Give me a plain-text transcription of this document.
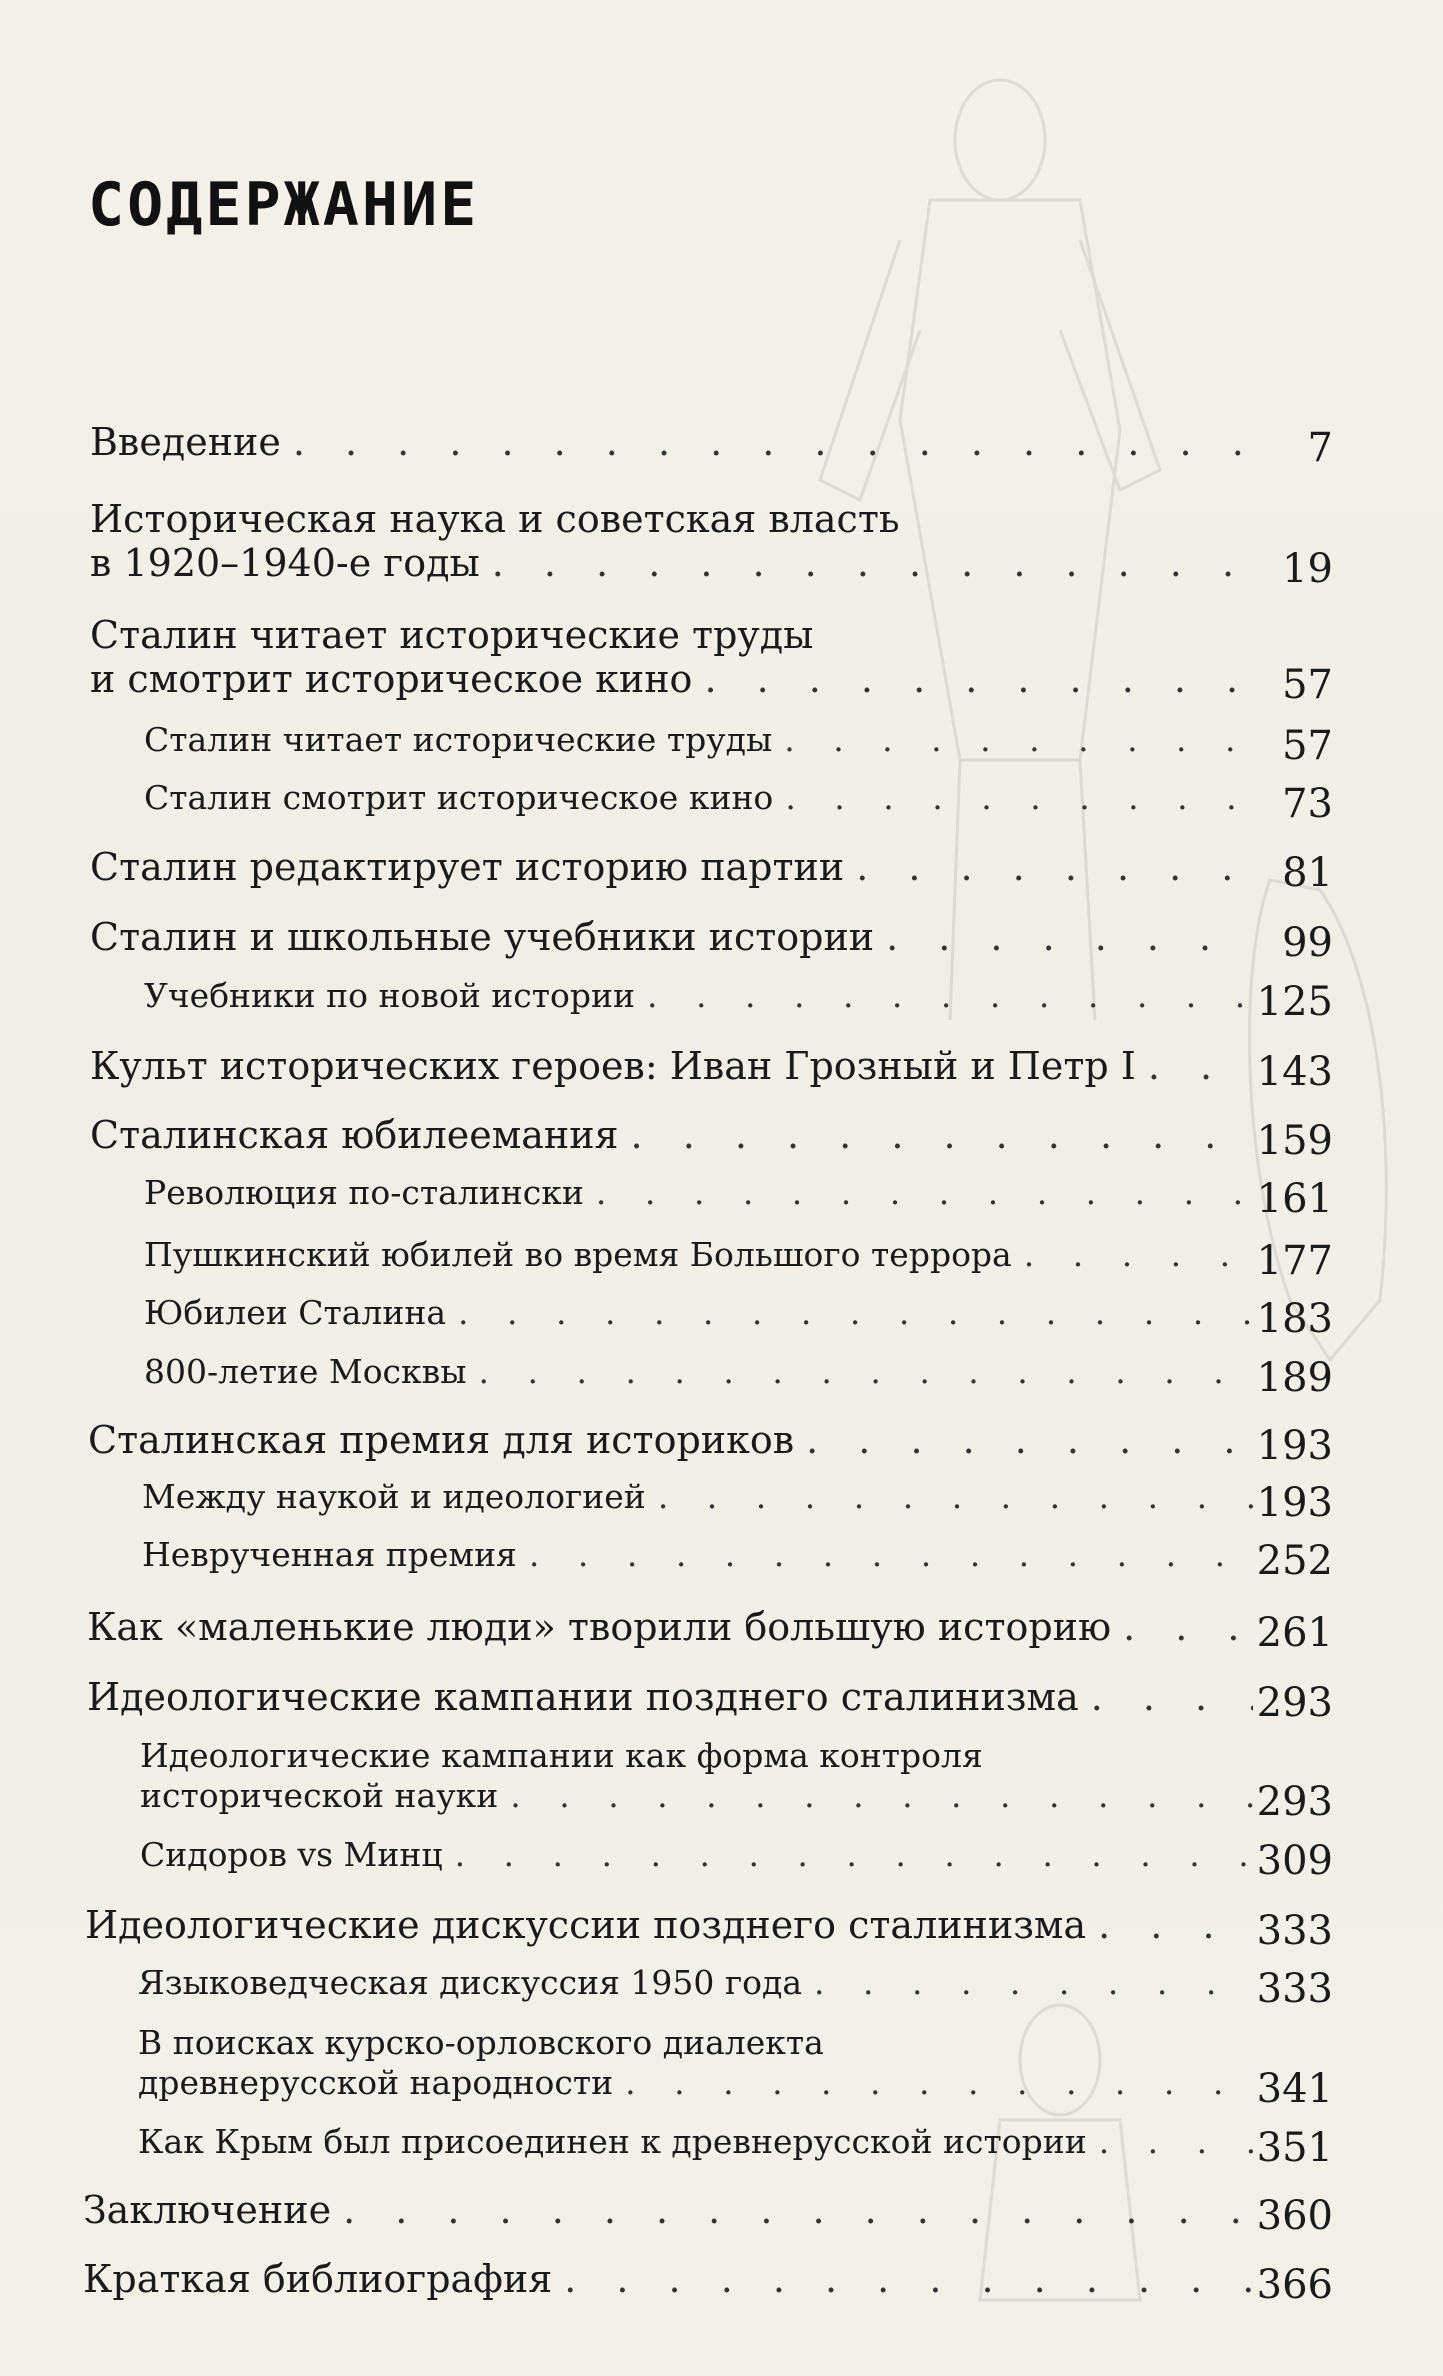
СОДЕРЖАНИЕ
Введение . . .	7
Историческая наука и советская власть
в 1920–1940-е годы . . .	19
Сталин читает исторические труды
и смотрит историческое кино . . .	57
Сталин читает исторические труды . . .	57
Сталин смотрит историческое кино . . .	73
Сталин редактирует историю партии . . .	81
Сталин и школьные учебники истории . . .	99
Учебники по новой истории . . .	125
Культ исторических героев: Иван Грозный и Петр I . . .	143
Сталинская юбилеемания . . .	159
Революция по-сталински . . .	161
Пушкинский юбилей во время Большого террора . . .	177
Юбилеи Сталина . . .	183
800-летие Москвы . . .	189
Сталинская премия для историков . . .	193
Между наукой и идеологией . . .	193
Неврученная премия . . .	252
Как «маленькие люди» творили большую историю . . .	261
Идеологические кампании позднего сталинизма . . .	293
Идеологические кампании как форма контроля
исторической науки . . .	293
Сидоров vs Минц . . .	309
Идеологические дискуссии позднего сталинизма . . .	333
Языковедческая дискуссия 1950 года . . .	333
В поисках курско-орловского диалекта
древнерусской народности . . .	341
Как Крым был присоединен к древнерусской истории . . .	351
Заключение . . .	360
Краткая библиография . . .	366
